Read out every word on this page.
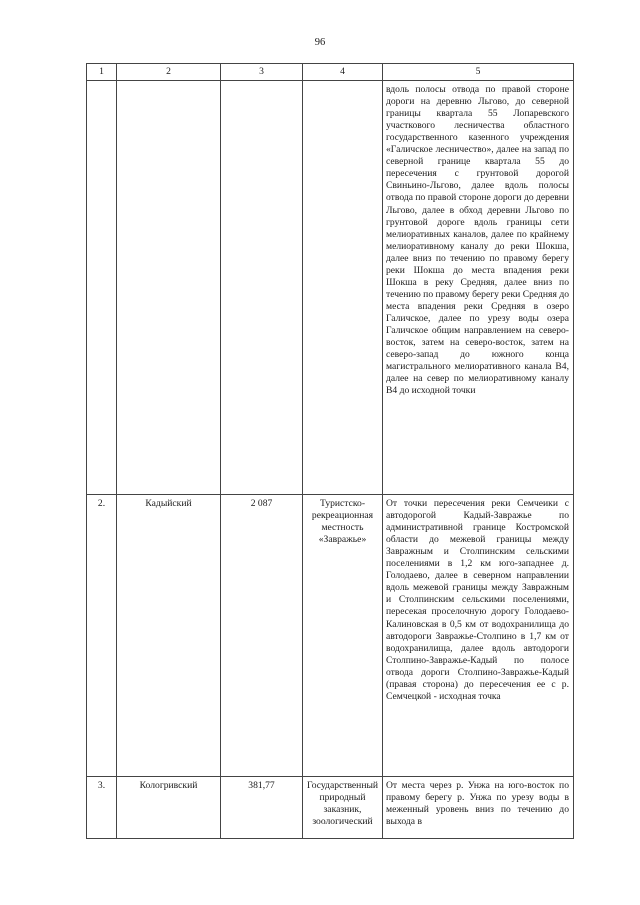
96
1	2	3	4	5
				вдоль полосы отвода по правой стороне дороги на деревню Льгово, до северной границы квартала 55 Лопаревского участкового лесничества областного государственного казенного учреждения «Галичское лесничество», далее на запад по северной границе квартала 55 до пересечения с грунтовой дорогой Свиньино-Льгово, далее вдоль полосы отвода по правой стороне дороги до деревни Льгово, далее в обход деревни Льгово по грунтовой дороге вдоль границы сети мелиоративных каналов, далее по крайнему мелиоративному каналу до реки Шокша, далее вниз по течению по правому берегу реки Шокша до места впадения реки Шокша в реку Средняя, далее вниз по течению по правому берегу реки Средняя до места впадения реки Средняя в озеро Галичское, далее по урезу воды озера Галичское общим направлением на северо-восток, затем на северо-восток, затем на северо-запад до южного конца магистрального мелиоративного канала В4, далее на север по мелиоративному каналу В4 до исходной точки
2.	Кадыйский	2 087	Туристско-рекреационная местность «Завражье»	От точки пересечения реки Семчеики с автодорогой Кадый-Завражье по административной границе Костромской области до межевой границы между Завражным и Столпинским сельскими поселениями в 1,2 км юго-западнее д. Голодаево, далее в северном направлении вдоль межевой границы между Завражным и Столпинским сельскими поселениями, пересекая проселочную дорогу Голодаево-Калиновская в 0,5 км от водохранилища до автодороги Завражье-Столпино в 1,7 км от водохранилища, далее вдоль автодороги Столпино-Завражье-Кадый по полосе отвода дороги Столпино-Завражье-Кадый (правая сторона) до пересечения ее с р. Семчецкой - исходная точка
3.	Кологривский	381,77	Государственный природный заказник, зоологический	От места через р. Унжа на юго-восток по правому берегу р. Унжа по урезу воды в меженный уровень вниз по течению до выхода в
